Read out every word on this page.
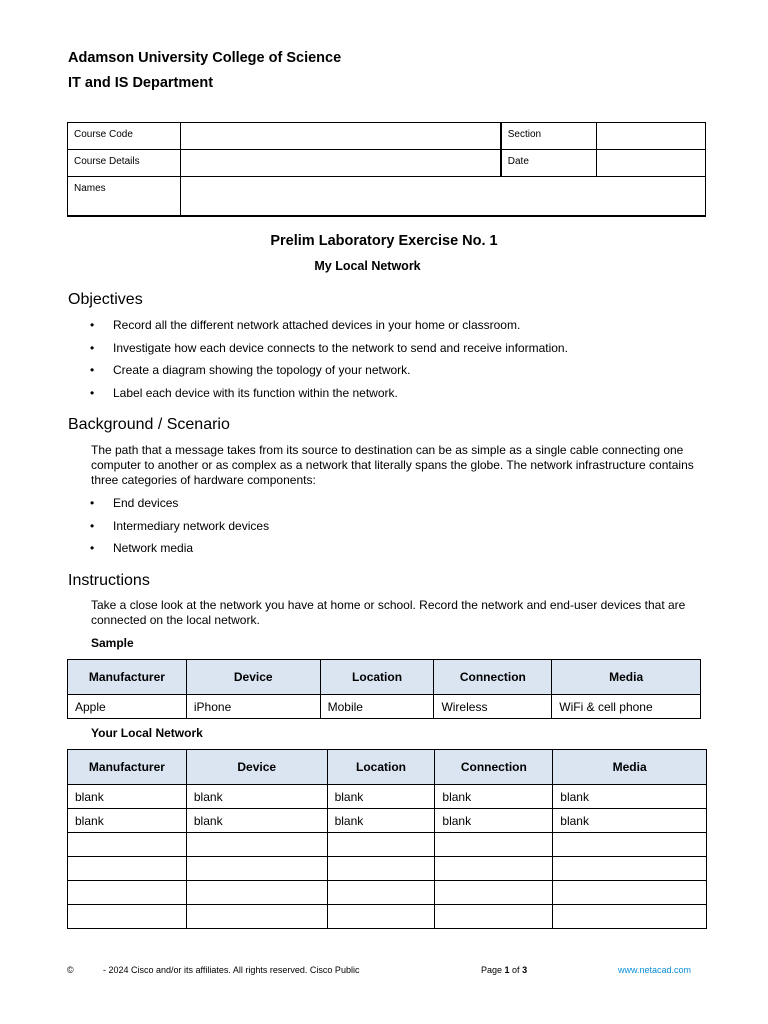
Adamson University College of Science
IT and IS Department
Course Code		Section	
Course Details		Date	
Names			
Prelim Laboratory Exercise No. 1
My Local Network
Objectives
• Record all the different network attached devices in your home or classroom.
• Investigate how each device connects to the network to send and receive information.
• Create a diagram showing the topology of your network.
• Label each device with its function within the network.
Background / Scenario

The path that a message takes from its source to destination can be as simple as a single cable connecting one computer to another or as complex as a network that literally spans the globe. The network infrastructure contains three categories of hardware components:

• End devices
• Intermediary network devices
• Network media
Instructions

Take a close look at the network you have at home or school. Record the network and end-user devices that are connected on the local network.

Sample
Manufacturer	Device	Location	Connection	Media
Apple	iPhone	Mobile	Wireless	WiFi & cell phone
Your Local Network
Manufacturer	Device	Location	Connection	Media
blank	blank	blank	blank	blank
blank	blank	blank	blank	blank

©	- 2024 Cisco and/or its affiliates. All rights reserved. Cisco Public	Page 1 of 3	www.netacad.com
